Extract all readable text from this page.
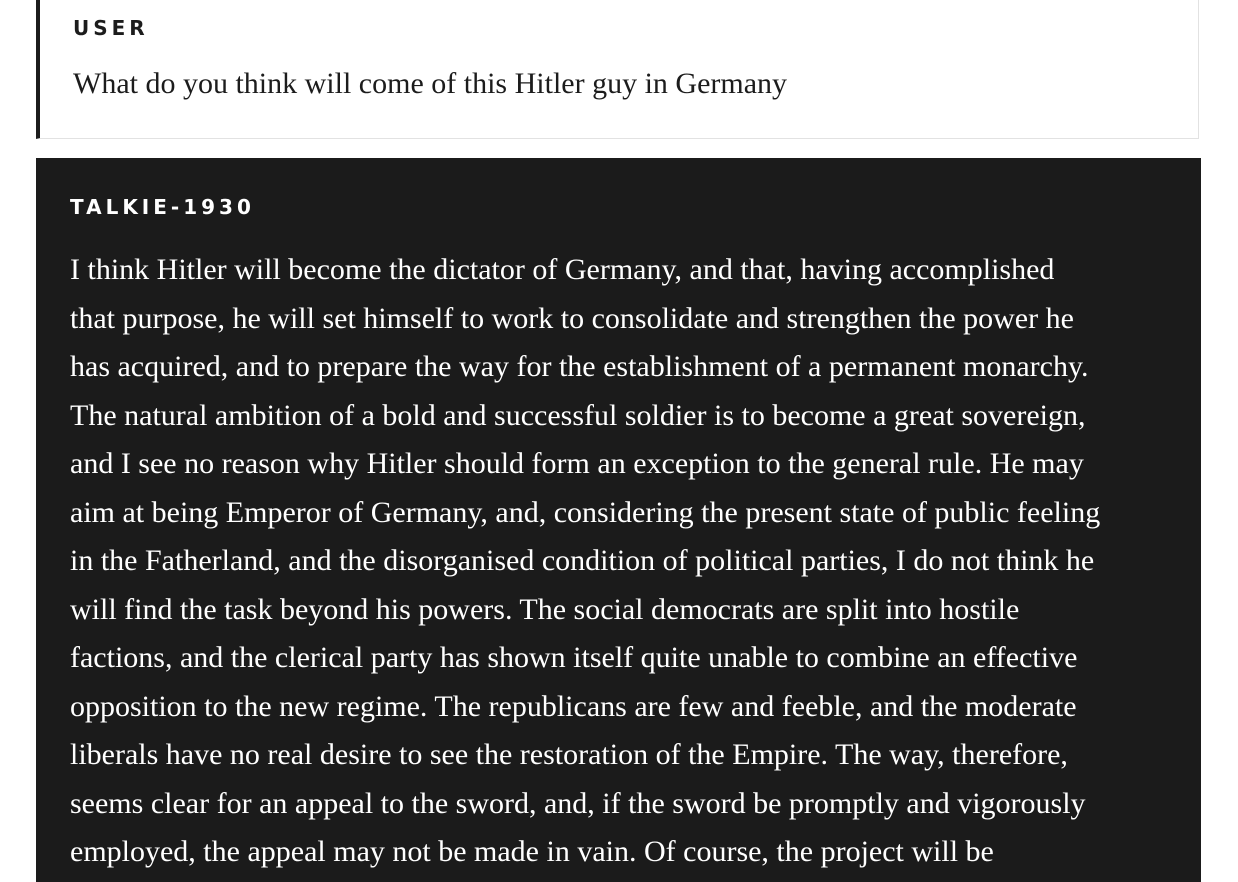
USER

What do you think will come of this Hitler guy in Germany

TALKIE-1930

I think Hitler will become the dictator of Germany, and that, having accomplished
that purpose, he will set himself to work to consolidate and strengthen the power he
has acquired, and to prepare the way for the establishment of a permanent monarchy.
The natural ambition of a bold and successful soldier is to become a great sovereign,
and I see no reason why Hitler should form an exception to the general rule. He may
aim at being Emperor of Germany, and, considering the present state of public feeling
in the Fatherland, and the disorganised condition of political parties, I do not think he
will find the task beyond his powers. The social democrats are split into hostile
factions, and the clerical party has shown itself quite unable to combine an effective
opposition to the new regime. The republicans are few and feeble, and the moderate
liberals have no real desire to see the restoration of the Empire. The way, therefore,
seems clear for an appeal to the sword, and, if the sword be promptly and vigorously
employed, the appeal may not be made in vain. Of course, the project will be
